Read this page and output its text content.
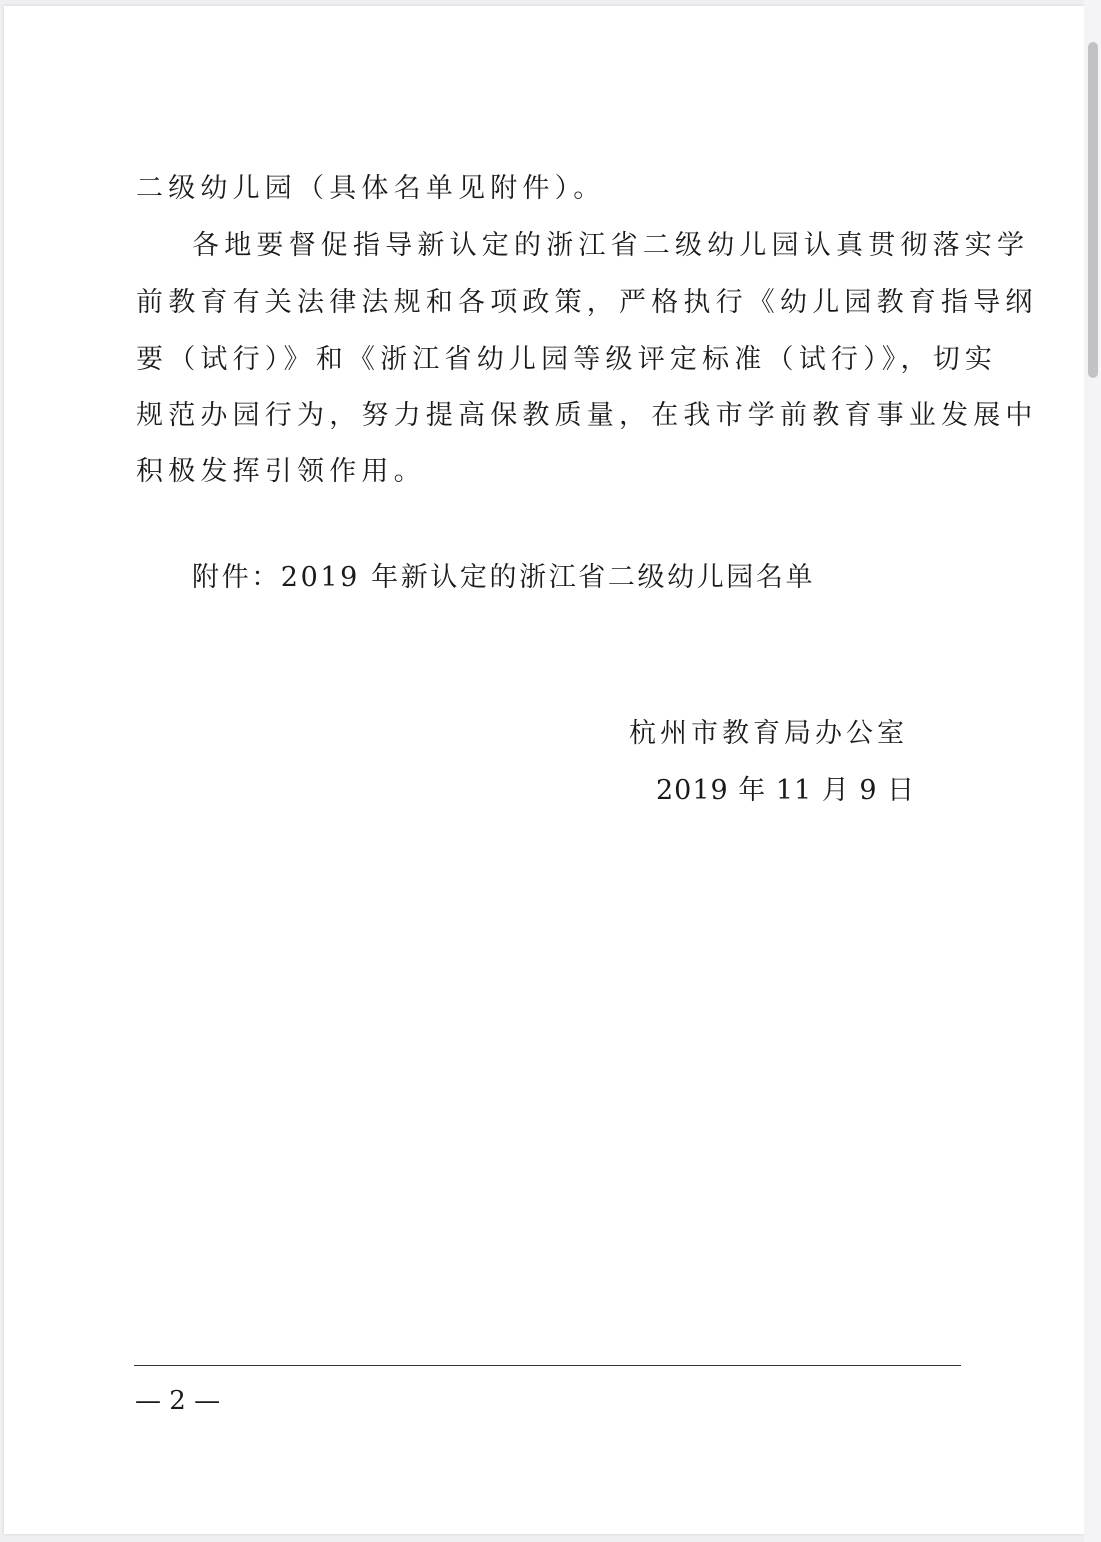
二级幼儿园（具体名单见附件）。
各地要督促指导新认定的浙江省二级幼儿园认真贯彻落实学
前教育有关法律法规和各项政策，严格执行《幼儿园教育指导纲
要（试行）》和《浙江省幼儿园等级评定标准（试行）》，切实
规范办园行为，努力提高保教质量，在我市学前教育事业发展中
积极发挥引领作用。
附件：2019 年新认定的浙江省二级幼儿园名单
杭州市教育局办公室
2019 年 11 月 9 日
— 2 —
